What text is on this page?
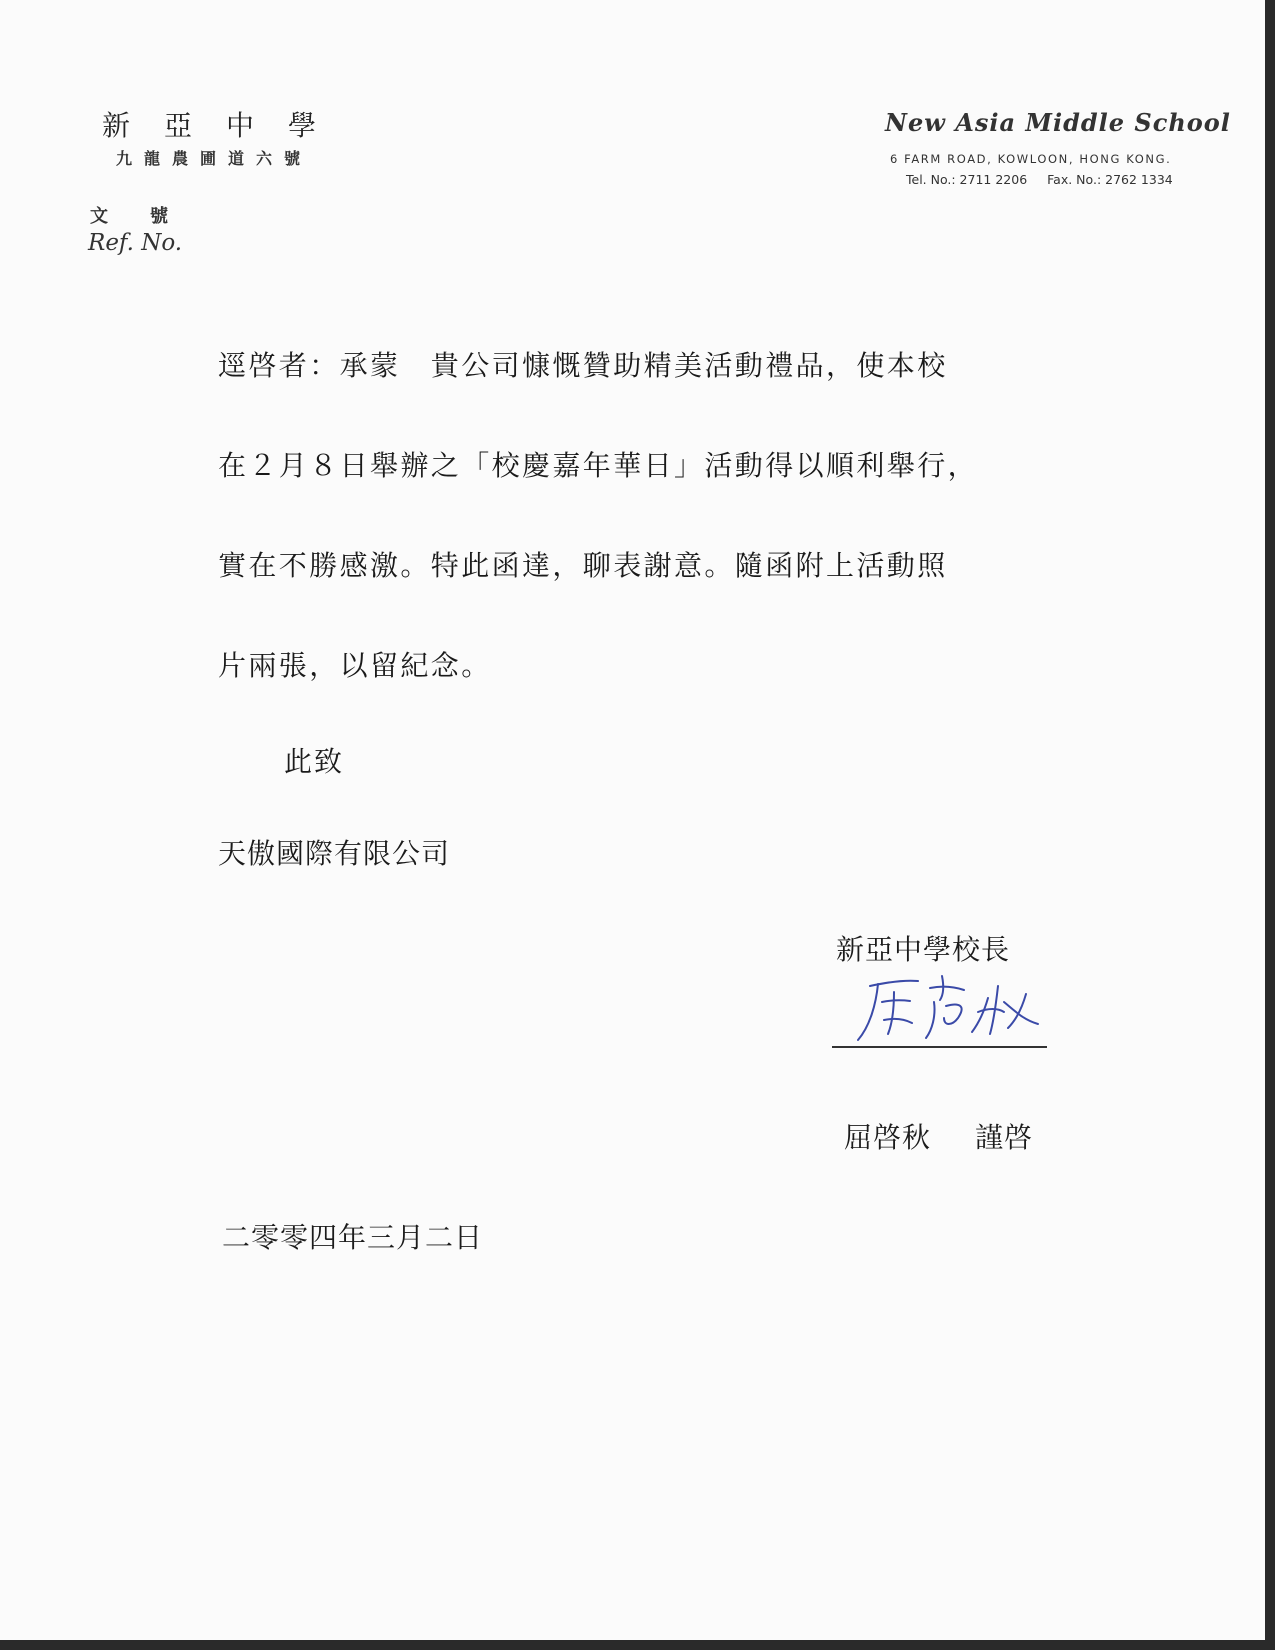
新亞中學
九龍農圃道六號
文號
Ref. No.
New Asia Middle School
6 FARM ROAD, KOWLOON, HONG KONG.
Tel. No.: 2711 2206 Fax. No.: 2762 1334
逕啓者：承蒙　貴公司慷慨贊助精美活動禮品，使本校
在２月８日舉辦之「校慶嘉年華日」活動得以順利舉行，
實在不勝感激。特此函達，聊表謝意。隨函附上活動照
片兩張，以留紀念。
此致
天傲國際有限公司
新亞中學校長
屈啓秋 謹啓
二零零四年三月二日
